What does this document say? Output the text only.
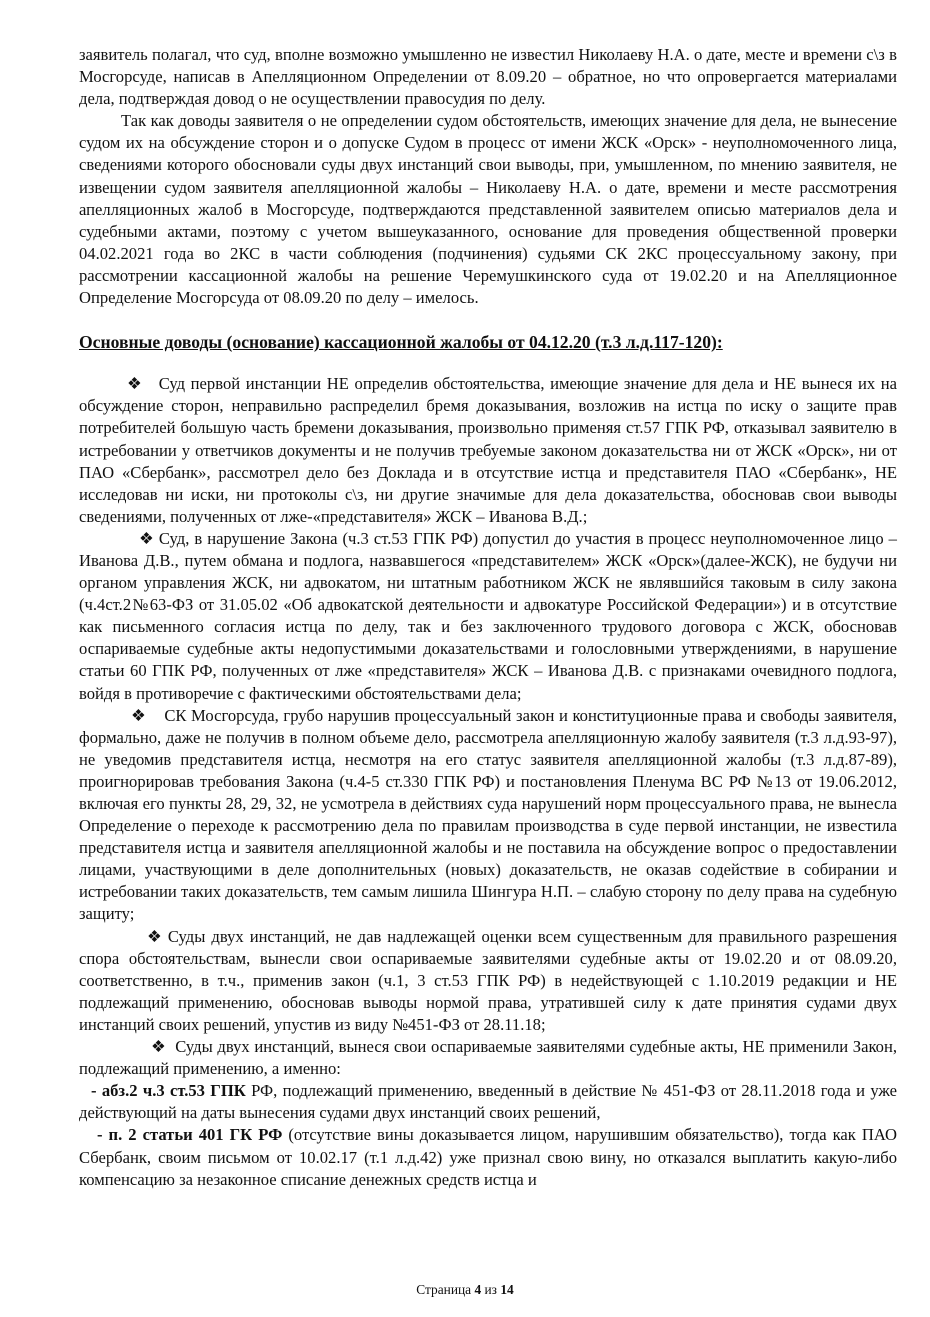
заявитель полагал, что суд, вполне возможно умышленно не известил Николаеву Н.А. о дате, месте и времени с\з в Мосгорсуде, написав в Апелляционном Определении от 8.09.20 – обратное, но что опровергается материалами дела, подтверждая довод о не осуществлении правосудия по делу.

Так как доводы заявителя о не определении судом обстоятельств, имеющих значение для дела, не вынесение судом их на обсуждение сторон и о допуске Судом в процесс от имени ЖСК «Орск» - неуполномоченного лица, сведениями которого обосновали суды двух инстанций свои выводы, при, умышленном, по мнению заявителя, не извещении судом заявителя апелляционной жалобы – Николаеву Н.А. о дате, времени и месте рассмотрения апелляционных жалоб в Мосгорсуде, подтверждаются представленной заявителем описью материалов дела и судебными актами, поэтому с учетом вышеуказанного, основание для проведения общественной проверки 04.02.2021 года во 2КС в части соблюдения (подчинения) судьями СК 2КС процессуальному закону, при рассмотрении кассационной жалобы на решение Черемушкинского суда от 19.02.20 и на Апелляционное Определение Мосгорсуда от 08.09.20 по делу – имелось.

Основные доводы (основание) кассационной жалобы от 04.12.20 (т.3 л.д.117-120):

❖ Суд первой инстанции НЕ определив обстоятельства, имеющие значение для дела и НЕ вынеся их на обсуждение сторон, неправильно распределил бремя доказывания, возложив на истца по иску о защите прав потребителей большую часть бремени доказывания, произвольно применяя ст.57 ГПК РФ, отказывал заявителю в истребовании у ответчиков документы и не получив требуемые законом доказательства ни от ЖСК «Орск», ни от ПАО «Сбербанк», рассмотрел дело без Доклада и в отсутствие истца и представителя ПАО «Сбербанк», НЕ исследовав ни иски, ни протоколы с\з, ни другие значимые для дела доказательства, обосновав свои выводы сведениями, полученных от лже-«представителя» ЖСК – Иванова В.Д.;

❖ Суд, в нарушение Закона (ч.3 ст.53 ГПК РФ) допустил до участия в процесс неуполномоченное лицо – Иванова Д.В., путем обмана и подлога, назвавшегося «представителем» ЖСК «Орск»(далее-ЖСК), не будучи ни органом управления ЖСК, ни адвокатом, ни штатным работником ЖСК не являвшийся таковым в силу закона (ч.4ст.2№63-ФЗ от 31.05.02 «Об адвокатской деятельности и адвокатуре Российской Федерации») и в отсутствие как письменного согласия истца по делу, так и без заключенного трудового договора с ЖСК, обосновав оспариваемые судебные акты недопустимыми доказательствами и голословными утверждениями, в нарушение статьи 60 ГПК РФ, полученных от лже «представителя» ЖСК – Иванова Д.В. с признаками очевидного подлога, войдя в противоречие с фактическими обстоятельствами дела;

❖ СК Мосгорсуда, грубо нарушив процессуальный закон и конституционные права и свободы заявителя, формально, даже не получив в полном объеме дело, рассмотрела апелляционную жалобу заявителя (т.3 л.д.93-97), не уведомив представителя истца, несмотря на его статус заявителя апелляционной жалобы (т.3 л.д.87-89), проигнорировав требования Закона (ч.4-5 ст.330 ГПК РФ) и постановления Пленума ВС РФ №13 от 19.06.2012, включая его пункты 28, 29, 32, не усмотрела в действиях суда нарушений норм процессуального права, не вынесла Определение о переходе к рассмотрению дела по правилам производства в суде первой инстанции, не известила представителя истца и заявителя апелляционной жалобы и не поставила на обсуждение вопрос о предоставлении лицами, участвующими в деле дополнительных (новых) доказательств, не оказав содействие в собирании и истребовании таких доказательств, тем самым лишила Шингура Н.П. – слабую сторону по делу права на судебную защиту;

❖ Суды двух инстанций, не дав надлежащей оценки всем существенным для правильного разрешения спора обстоятельствам, вынесли свои оспариваемые заявителями судебные акты от 19.02.20 и от 08.09.20, соответственно, в т.ч., применив закон (ч.1, 3 ст.53 ГПК РФ) в недействующей с 1.10.2019 редакции и НЕ подлежащий применению, обосновав выводы нормой права, утратившей силу к дате принятия судами двух инстанций своих решений, упустив из виду №451-ФЗ от 28.11.18;

❖ Суды двух инстанций, вынеся свои оспариваемые заявителями судебные акты, НЕ применили Закон, подлежащий применению, а именно:

- абз.2 ч.3 ст.53 ГПК РФ, подлежащий применению, введенный в действие № 451-ФЗ от 28.11.2018 года и уже действующий на даты вынесения судами двух инстанций своих решений,

- п. 2 статьи 401 ГК РФ (отсутствие вины доказывается лицом, нарушившим обязательство), тогда как ПАО Сбербанк, своим письмом от 10.02.17 (т.1 л.д.42) уже признал свою вину, но отказался выплатить какую-либо компенсацию за незаконное списание денежных средств истца и

Страница 4 из 14
